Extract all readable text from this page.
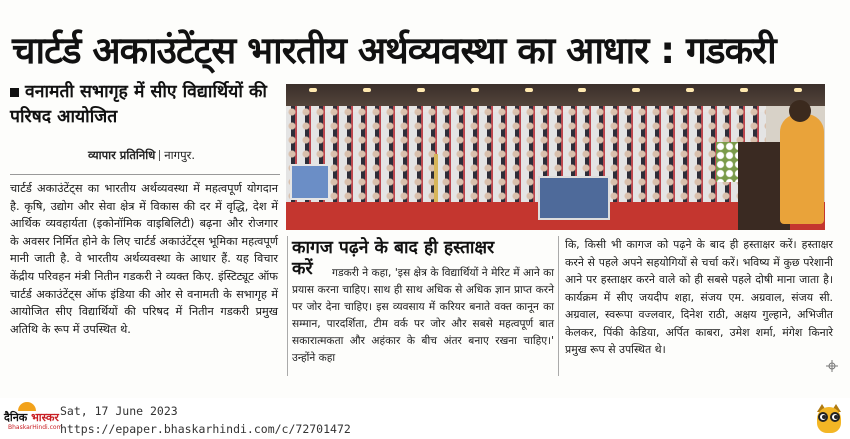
चार्टर्ड अकाउंटेंट्स भारतीय अर्थव्यवस्था का आधार : गडकरी
वनामती सभागृह में सीए विद्यार्थियों की परिषद आयोजित
व्यापार प्रतिनिधि नागपुर.
चार्टर्ड अकाउंटेंट्स का भारतीय अर्थव्यवस्था में महत्वपूर्ण योगदान है. कृषि, उद्योग और सेवा क्षेत्र में विकास की दर में वृद्धि, देश में आर्थिक व्यवहार्यता (इकोनॉमिक वाइबिलिटी) बढ़ना और रोजगार के अवसर निर्मित होने के लिए चार्टर्ड अकाउंटेंट्स भूमिका महत्वपूर्ण मानी जाती है. वे भारतीय अर्थव्यवस्था के आधार हैं. यह विचार केंद्रीय परिवहन मंत्री नितीन गडकरी ने व्यक्त किए. इंस्टिट्यूट ऑफ चार्टर्ड अकाउंटेंट्स ऑफ इंडिया की ओर से वनामती के सभागृह में आयोजित सीए विद्यार्थियों की परिषद में नितीन गडकरी प्रमुख अतिथि के रूप में उपस्थित थे.
कागज पढ़ने के बाद ही हस्ताक्षर
करें	गडकरी ने कहा, 'इस क्षेत्र के विद्यार्थियों ने मेरिट में आने का प्रयास करना चाहिए। साथ ही साथ अधिक से अधिक ज्ञान प्राप्त करने पर जोर देना चाहिए। इस व्यवसाय में करियर बनाते वक्त कानून का सम्मान, पारदर्शिता, टीम वर्क पर जोर और सबसे महत्वपूर्ण बात सकारात्मकता और अहंकार के बीच अंतर बनाए रखना चाहिए।' उन्होंने कहा
कि, किसी भी कागज को पढ़ने के बाद ही हस्ताक्षर करें। हस्ताक्षर करने से पहले अपने सहयोगियों से चर्चा करें। भविष्य में कुछ परेशानी आने पर हस्ताक्षर करने वाले को ही सबसे पहले दोषी माना जाता है। कार्यक्रम में सीए जयदीप शहा, संजय एम. अग्रवाल, संजय सी. अग्रवाल, स्वरूपा वज्लवार, दिनेश राठी, अक्षय गुल्हाने, अभिजीत केलकर, पिंकी केडिया, अर्पित काबरा, उमेश शर्मा, मंगेश किनारे प्रमुख रूप से उपस्थित थे।
दैनिक भास्कर
BhaskarHindi.com
Sat, 17 June 2023
https://epaper.bhaskarhindi.com/c/72701472
